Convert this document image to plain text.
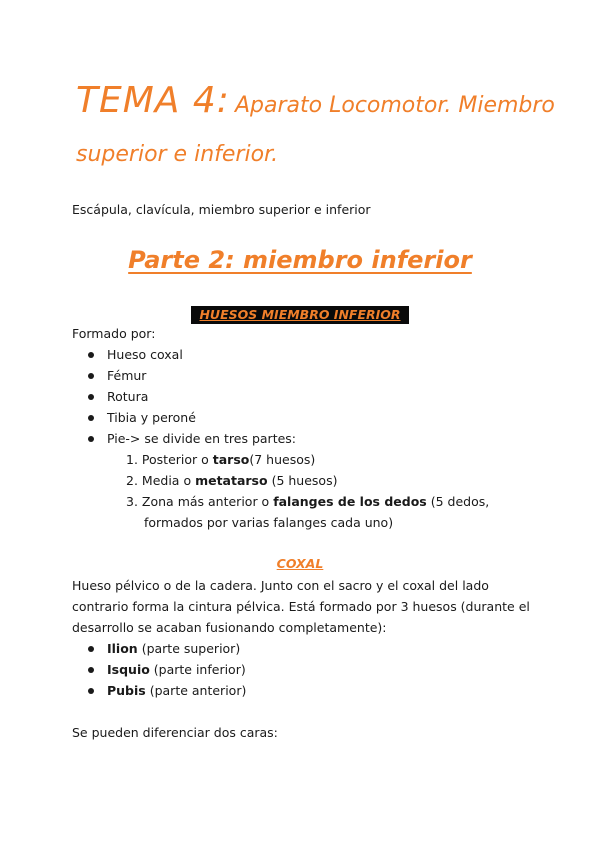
TEMA 4: Aparato Locomotor. Miembro
superior e inferior.
Escápula, clavícula, miembro superior e inferior
Parte 2: miembro inferior
HUESOS MIEMBRO INFERIOR
Formado por:
Hueso coxal
Fémur
Rotura
Tibia y peroné
Pie-> se divide en tres partes:
1. Posterior o tarso(7 huesos)
2. Media o metatarso (5 huesos)
3. Zona más anterior o falanges de los dedos (5 dedos,
formados por varias falanges cada uno)
COXAL
Hueso pélvico o de la cadera. Junto con el sacro y el coxal del lado
contrario forma la cintura pélvica. Está formado por 3 huesos (durante el
desarrollo se acaban fusionando completamente):
Ilion (parte superior)
Isquio (parte inferior)
Pubis (parte anterior)
Se pueden diferenciar dos caras:
